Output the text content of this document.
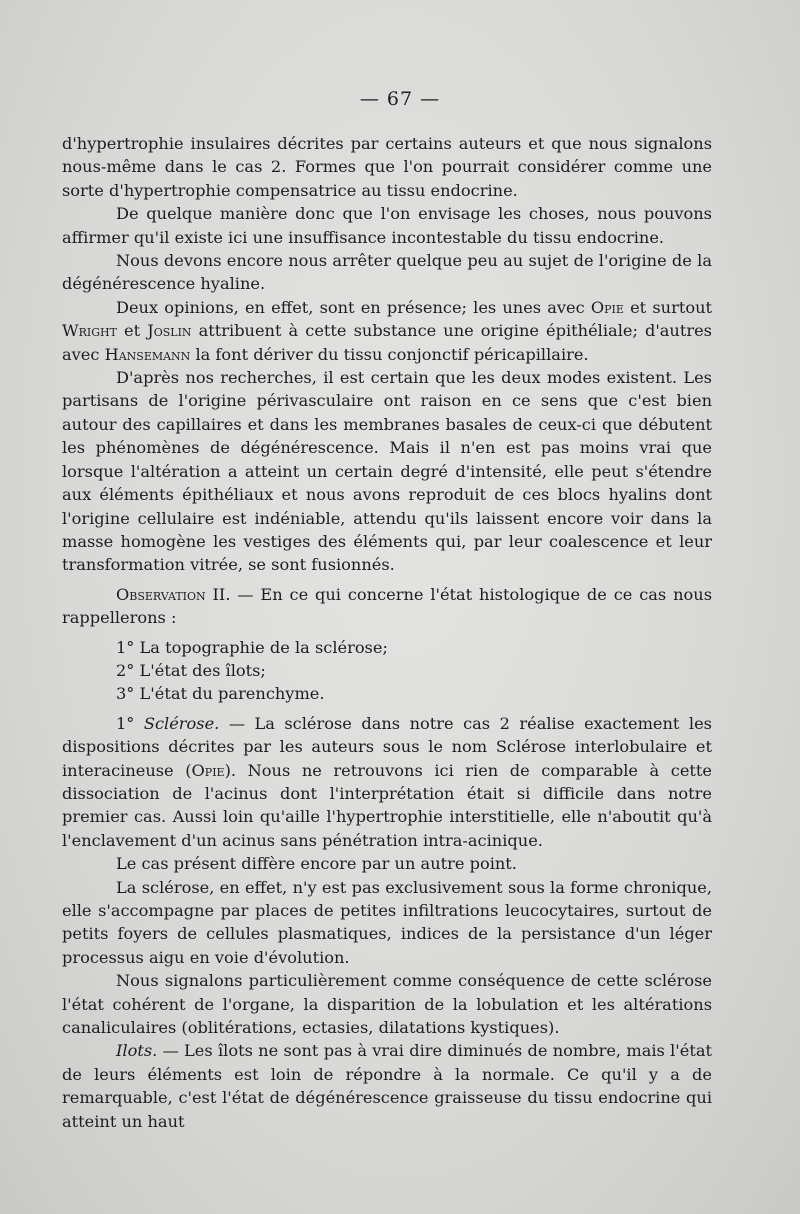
— 67 —

d'hypertrophie insulaires décrites par certains auteurs et que nous signalons nous-même dans le cas 2. Formes que l'on pourrait considérer comme une sorte d'hypertrophie compensatrice au tissu endocrine.

De quelque manière donc que l'on envisage les choses, nous pouvons affirmer qu'il existe ici une insuffisance incontestable du tissu endocrine.

Nous devons encore nous arrêter quelque peu au sujet de l'origine de la dégénérescence hyaline.

Deux opinions, en effet, sont en présence; les unes avec Opie et surtout Wright et Joslin attribuent à cette substance une origine épithéliale; d'autres avec Hansemann la font dériver du tissu conjonctif péricapillaire.

D'après nos recherches, il est certain que les deux modes existent. Les partisans de l'origine périvasculaire ont raison en ce sens que c'est bien autour des capillaires et dans les membranes basales de ceux-ci que débutent les phénomènes de dégénérescence. Mais il n'en est pas moins vrai que lorsque l'altération a atteint un certain degré d'intensité, elle peut s'étendre aux éléments épithéliaux et nous avons reproduit de ces blocs hyalins dont l'origine cellulaire est indéniable, attendu qu'ils laissent encore voir dans la masse homogène les vestiges des éléments qui, par leur coalescence et leur transformation vitrée, se sont fusionnés.

Observation II. — En ce qui concerne l'état histologique de ce cas nous rappellerons :

1° La topographie de la sclérose;

2° L'état des îlots;

3° L'état du parenchyme.

1° Sclérose. — La sclérose dans notre cas 2 réalise exactement les dispositions décrites par les auteurs sous le nom Sclérose interlobulaire et interacineuse (Opie). Nous ne retrouvons ici rien de comparable à cette dissociation de l'acinus dont l'interprétation était si difficile dans notre premier cas. Aussi loin qu'aille l'hypertrophie interstitielle, elle n'aboutit qu'à l'enclavement d'un acinus sans pénétration intra-acinique.

Le cas présent diffère encore par un autre point.

La sclérose, en effet, n'y est pas exclusivement sous la forme chronique, elle s'accompagne par places de petites infiltrations leucocytaires, surtout de petits foyers de cellules plasmatiques, indices de la persistance d'un léger processus aigu en voie d'évolution.

Nous signalons particulièrement comme conséquence de cette sclérose l'état cohérent de l'organe, la disparition de la lobulation et les altérations canaliculaires (oblitérations, ectasies, dilatations kystiques).

Ilots. — Les îlots ne sont pas à vrai dire diminués de nombre, mais l'état de leurs éléments est loin de répondre à la normale. Ce qu'il y a de remarquable, c'est l'état de dégénérescence graisseuse du tissu endocrine qui atteint un haut
